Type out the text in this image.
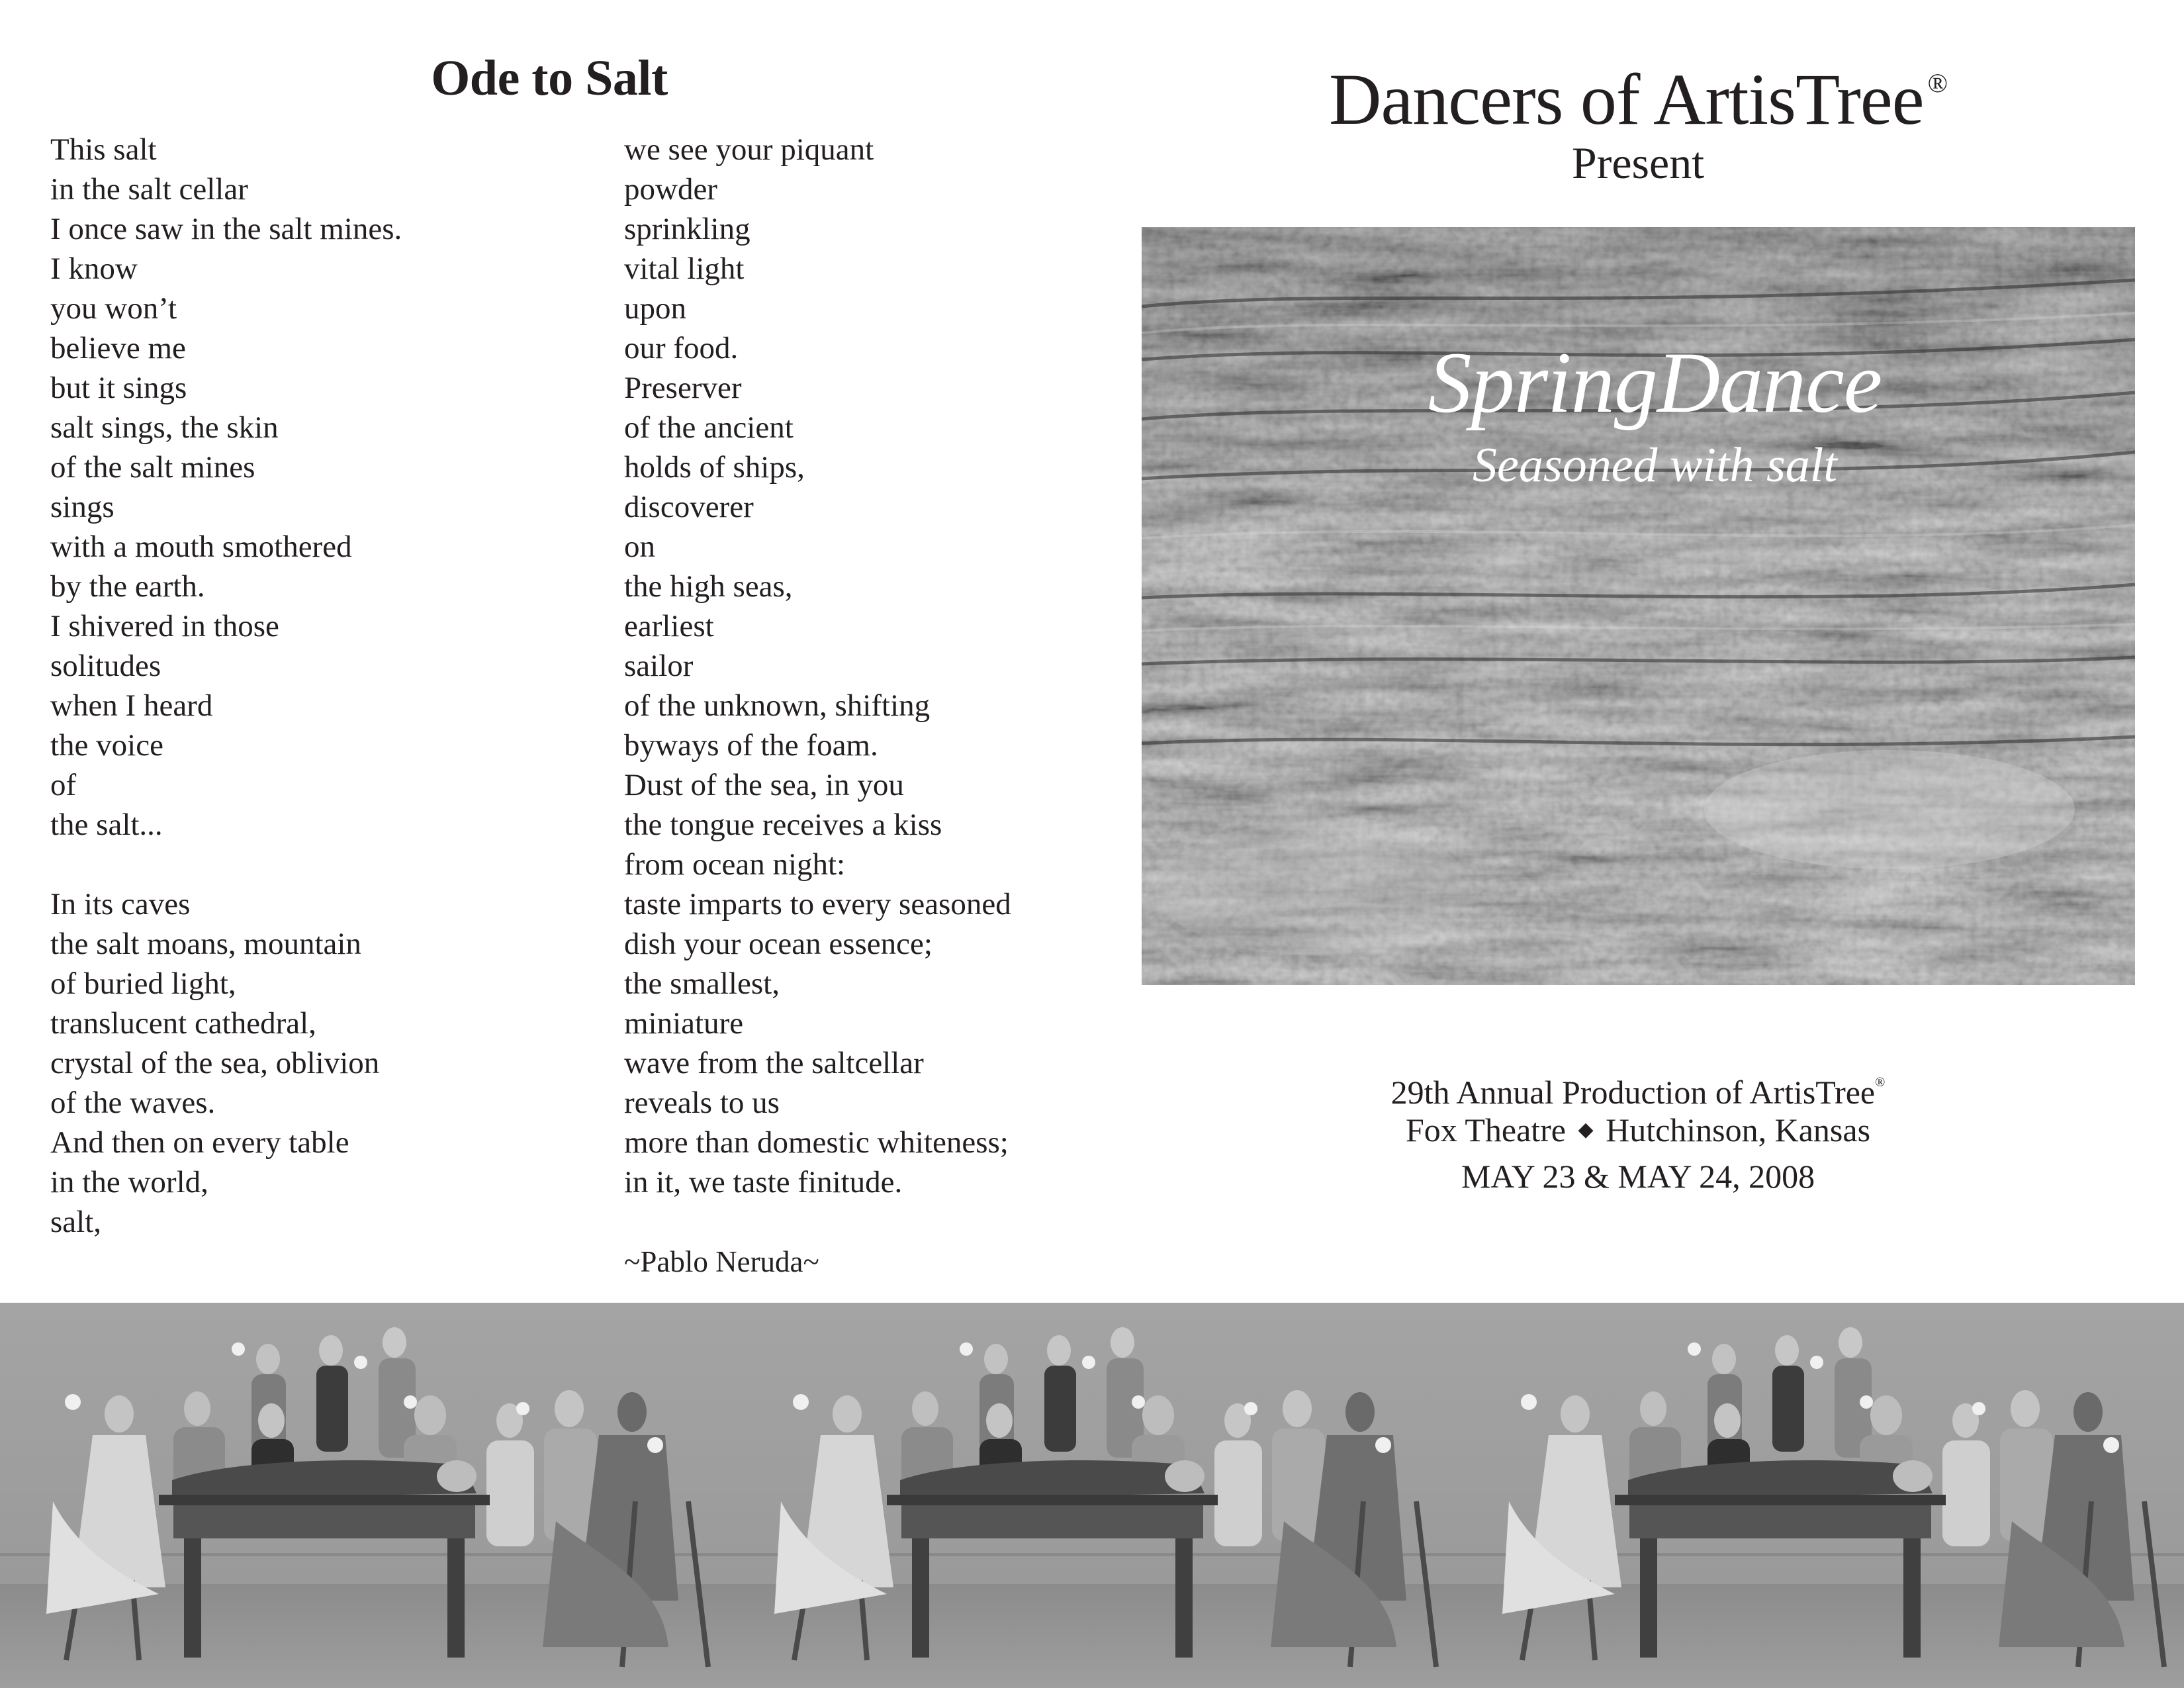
Ode to Salt
This salt
in the salt cellar
I once saw in the salt mines.
I know
you won’t
believe me
but it sings
salt sings, the skin
of the salt mines
sings
with a mouth smothered
by the earth.
I shivered in those
solitudes
when I heard
the voice
of
the salt...

In its caves
the salt moans, mountain
of buried light,
translucent cathedral,
crystal of the sea, oblivion
of the waves.
And then on every table
in the world,
salt,
we see your piquant
powder
sprinkling
vital light
upon
our food.
Preserver
of the ancient
holds of ships,
discoverer
on
the high seas,
earliest
sailor
of the unknown, shifting
byways of the foam.
Dust of the sea, in you
the tongue receives a kiss
from ocean night:
taste imparts to every seasoned
dish your ocean essence;
the smallest,
miniature
wave from the saltcellar
reveals to us
more than domestic whiteness;
in it, we taste finitude.
~Pablo Neruda~
Dancers of ArtisTree ®
Present
SpringDance
Seasoned with salt
29th Annual Production of ArtisTree®
Fox Theatre ◆ Hutchinson, Kansas
MAY 23 & MAY 24, 2008
